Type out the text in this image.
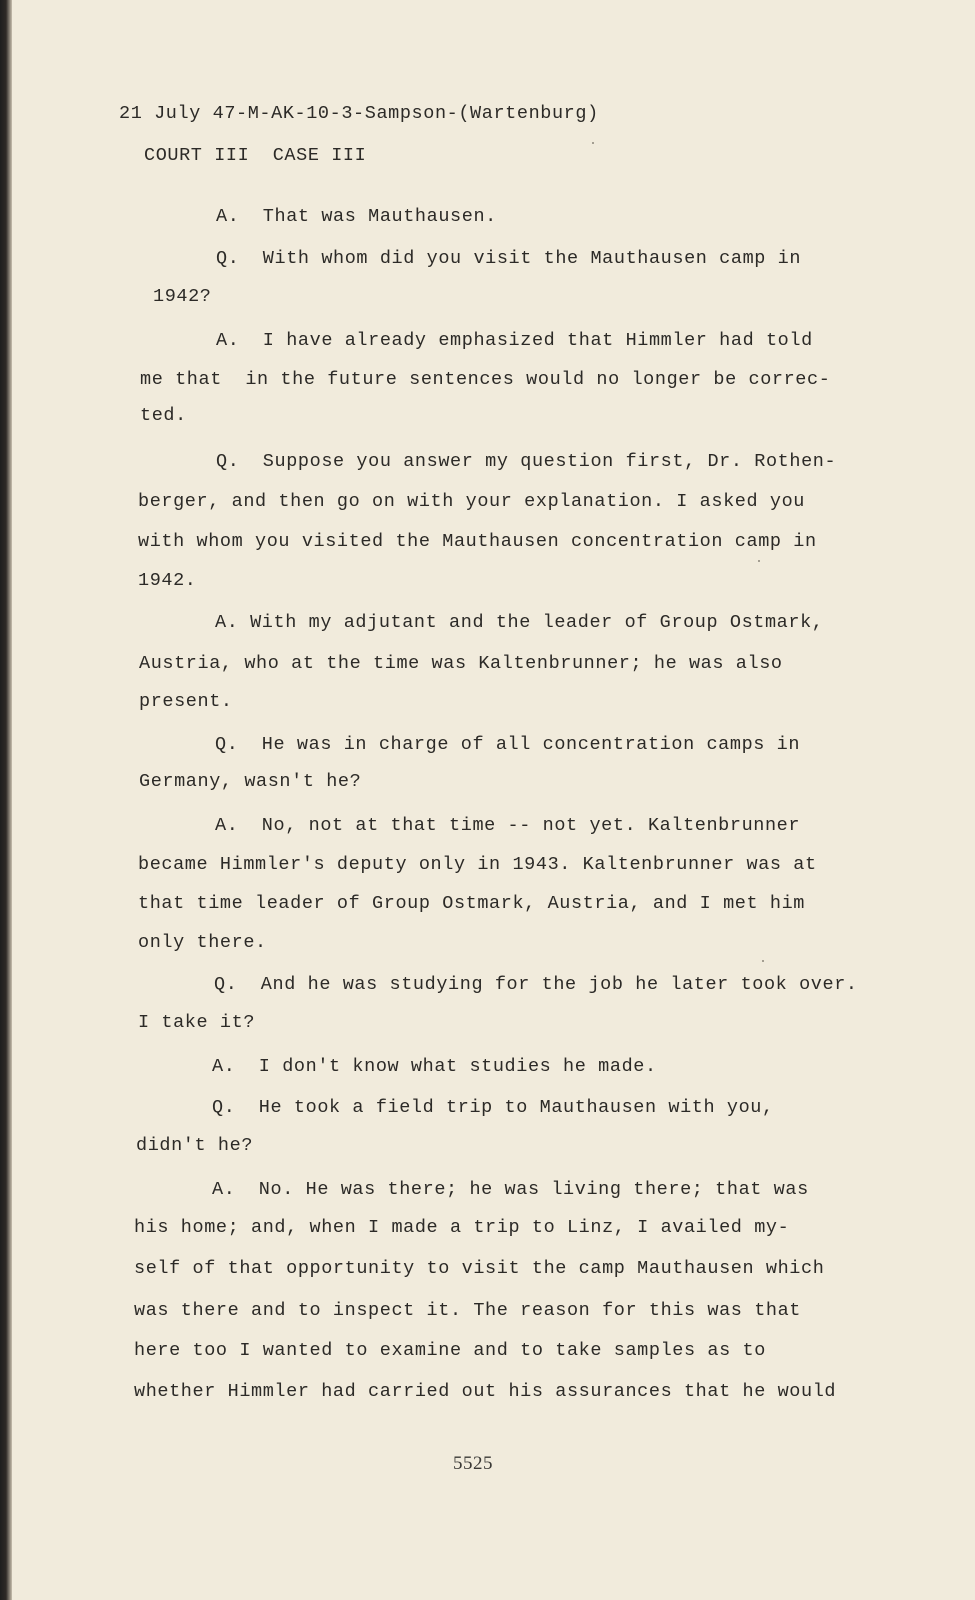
21 July 47-M-AK-10-3-Sampson-(Wartenburg)
COURT III  CASE III
A.  That was Mauthausen.
Q.  With whom did you visit the Mauthausen camp in
1942?
A.  I have already emphasized that Himmler had told
me that  in the future sentences would no longer be correc-
ted.
Q.  Suppose you answer my question first, Dr. Rothen-
berger, and then go on with your explanation. I asked you
with whom you visited the Mauthausen concentration camp in
1942.
A. With my adjutant and the leader of Group Ostmark,
Austria, who at the time was Kaltenbrunner; he was also
present.
Q.  He was in charge of all concentration camps in
Germany, wasn't he?
A.  No, not at that time -- not yet. Kaltenbrunner
became Himmler's deputy only in 1943. Kaltenbrunner was at
that time leader of Group Ostmark, Austria, and I met him
only there.
Q.  And he was studying for the job he later took over.
I take it?
A.  I don't know what studies he made.
Q.  He took a field trip to Mauthausen with you,
didn't he?
A.  No. He was there; he was living there; that was
his home; and, when I made a trip to Linz, I availed my-
self of that opportunity to visit the camp Mauthausen which
was there and to inspect it. The reason for this was that
here too I wanted to examine and to take samples as to
whether Himmler had carried out his assurances that he would
5525
